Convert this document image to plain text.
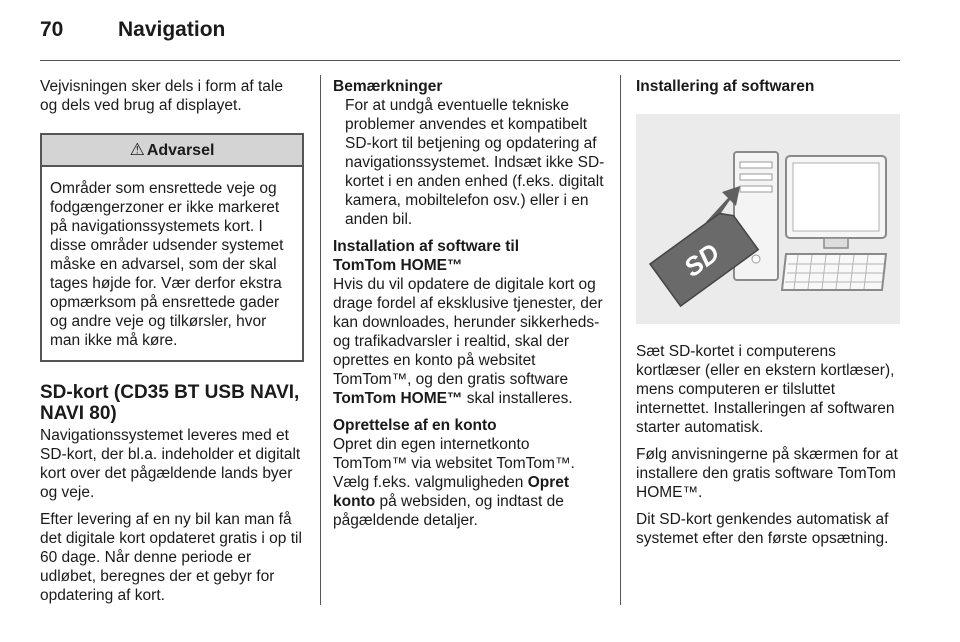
70	Navigation

Vejvisningen sker dels i form af tale og dels ved brug af displayet.

⚠ Advarsel
Områder som ensrettede veje og fodgængerzoner er ikke markeret på navigationssystemets kort. I disse områder udsender systemet måske en advarsel, som der skal tages højde for. Vær derfor ekstra opmærksom på ensrettede gader og andre veje og tilkørsler, hvor man ikke må køre.
SD-kort (CD35 BT USB NAVI, NAVI 80)

Navigationssystemet leveres med et SD-kort, der bl.a. indeholder et digitalt kort over det pågældende lands byer og veje.

Efter levering af en ny bil kan man få det digitale kort opdateret gratis i op til 60 dage. Når denne periode er udløbet, beregnes der et gebyr for opdatering af kort.

Bemærkninger

For at undgå eventuelle tekniske problemer anvendes et kompatibelt SD-kort til betjening og opdatering af navigationssystemet. Indsæt ikke SD-kortet i en anden enhed (f.eks. digitalt kamera, mobiltelefon osv.) eller i en anden bil.

Installation af software til
TomTom HOME™

Hvis du vil opdatere de digitale kort og drage fordel af eksklusive tjenester, der kan downloades, herunder sikkerheds- og trafikadvarsler i realtid, skal der oprettes en konto på websitet TomTom™, og den gratis software
TomTom HOME™ skal installeres.

Oprettelse af en konto

Opret din egen internetkonto TomTom™ via websitet TomTom™. Vælg f.eks. valgmuligheden Opret konto på websiden, og indtast de pågældende detaljer.

Installering af softwaren
SD

Sæt SD-kortet i computerens kortlæser (eller en ekstern kortlæser), mens computeren er tilsluttet internettet. Installeringen af softwaren starter automatisk.

Følg anvisningerne på skærmen for at installere den gratis software TomTom HOME™.

Dit SD-kort genkendes automatisk af systemet efter den første opsætning.
